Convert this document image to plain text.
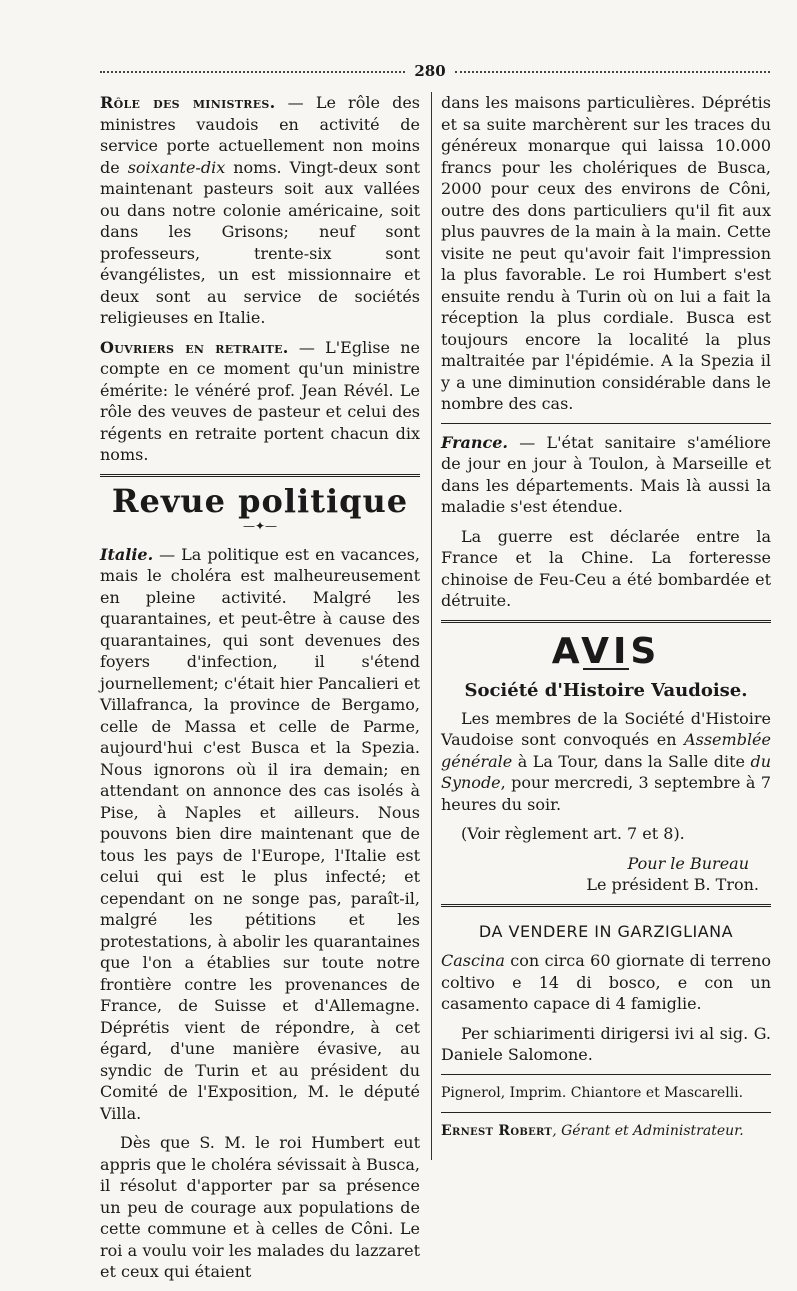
280

Rôle des ministres. — Le rôle des ministres vaudois en activité de service porte actuellement non moins de soixante-dix noms. Vingt-deux sont maintenant pasteurs soit aux vallées ou dans notre colonie américaine, soit dans les Grisons; neuf sont professeurs, trente-six sont évangélistes, un est missionnaire et deux sont au service de sociétés religieuses en Italie.

Ouvriers en retraite. — L'Eglise ne compte en ce moment qu'un ministre émérite: le vénéré prof. Jean Révél. Le rôle des veuves de pasteur et celui des régents en retraite portent chacun dix noms.

Revue politique
—✦—

Italie. — La politique est en vacances, mais le choléra est malheureusement en pleine activité. Malgré les quarantaines, et peut-être à cause des quarantaines, qui sont devenues des foyers d'infection, il s'étend journellement; c'était hier Pancalieri et Villafranca, la province de Bergamo, celle de Massa et celle de Parme, aujourd'hui c'est Busca et la Spezia. Nous ignorons où il ira demain; en attendant on annonce des cas isolés à Pise, à Naples et ailleurs. Nous pouvons bien dire maintenant que de tous les pays de l'Europe, l'Italie est celui qui est le plus infecté; et cependant on ne songe pas, paraît-il, malgré les pétitions et les protestations, à abolir les quarantaines que l'on a établies sur toute notre frontière contre les provenances de France, de Suisse et d'Allemagne. Déprétis vient de répondre, à cet égard, d'une manière évasive, au syndic de Turin et au président du Comité de l'Exposition, M. le député Villa.

Dès que S. M. le roi Humbert eut appris que le choléra sévissait à Busca, il résolut d'apporter par sa présence un peu de courage aux populations de cette commune et à celles de Côni. Le roi a voulu voir les malades du lazzaret et ceux qui étaient

dans les maisons particulières. Déprétis et sa suite marchèrent sur les traces du généreux monarque qui laissa 10.000 francs pour les cholériques de Busca, 2000 pour ceux des environs de Côni, outre des dons particuliers qu'il fit aux plus pauvres de la main à la main. Cette visite ne peut qu'avoir fait l'impression la plus favorable. Le roi Humbert s'est ensuite rendu à Turin où on lui a fait la réception la plus cordiale. Busca est toujours encore la localité la plus maltraitée par l'épidémie. A la Spezia il y a une diminution considérable dans le nombre des cas.

France. — L'état sanitaire s'améliore de jour en jour à Toulon, à Marseille et dans les départements. Mais là aussi la maladie s'est étendue.

La guerre est déclarée entre la France et la Chine. La forteresse chinoise de Feu-Ceu a été bombardée et détruite.

AVIS
Société d'Histoire Vaudoise.

Les membres de la Société d'Histoire Vaudoise sont convoqués en Assemblée générale à La Tour, dans la Salle dite du Synode, pour mercredi, 3 septembre à 7 heures du soir.

(Voir règlement art. 7 et 8).

Pour le Bureau

Le président B. Tron.

DA VENDERE IN GARZIGLIANA

Cascina con circa 60 giornate di terreno coltivo e 14 di bosco, e con un casamento capace di 4 famiglie.

Per schiarimenti dirigersi ivi al sig. G. Daniele Salomone.

Pignerol, Imprim. Chiantore et Mascarelli.

Ernest Robert, Gérant et Administrateur.
